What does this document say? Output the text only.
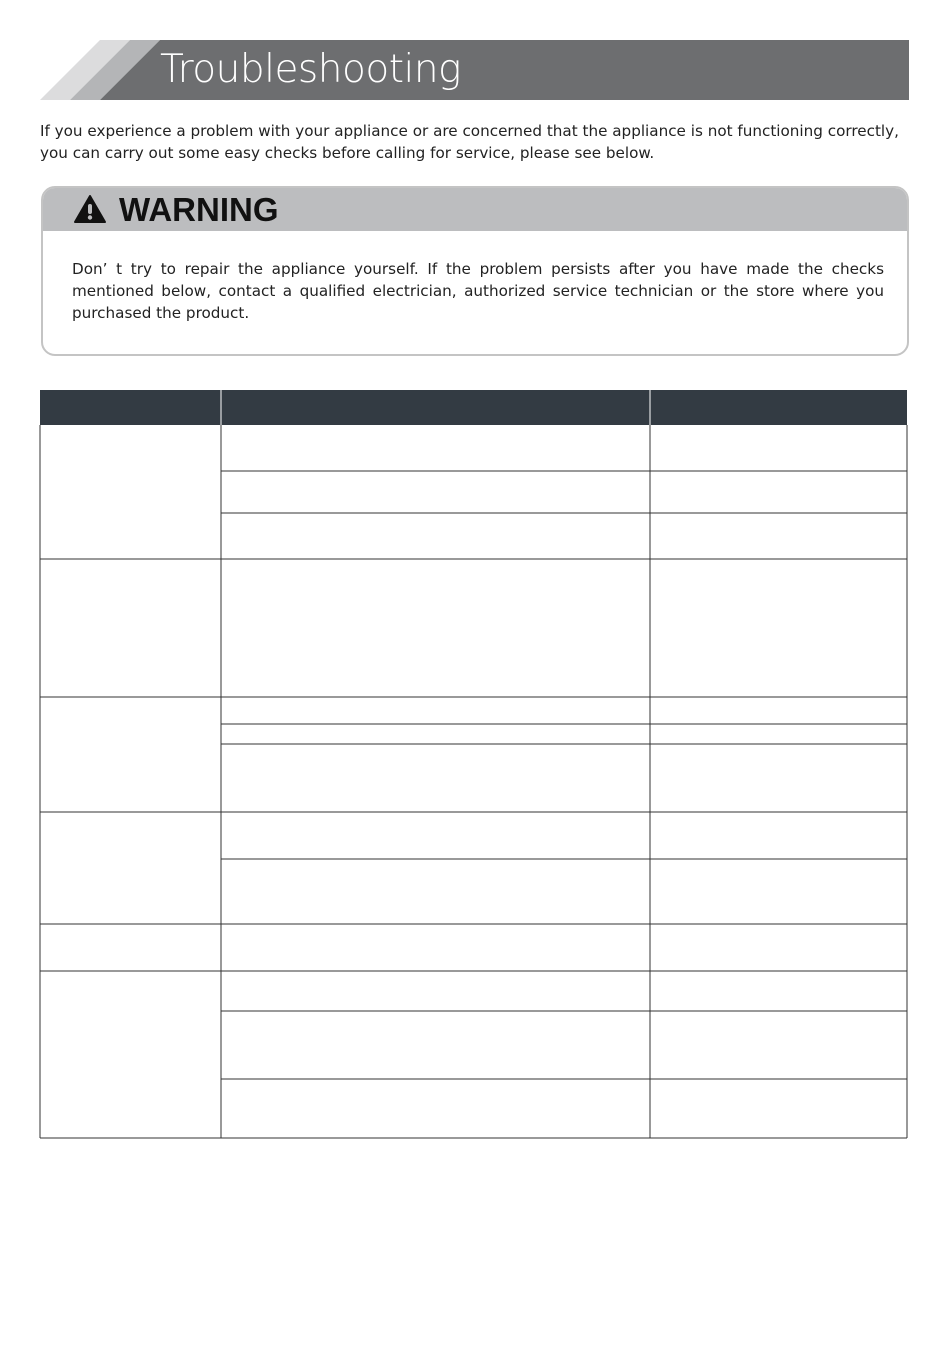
Troubleshooting
If you experience a problem with your appliance or are concerned that the appliance is not functioning correctly, you can carry out some easy checks before calling for service, please see below.
WARNING
Don’ t try to repair the appliance yourself. If the problem persists after you have made the checks mentioned below, contact a qualified electrician, authorized service technician or the store where you purchased the product.
